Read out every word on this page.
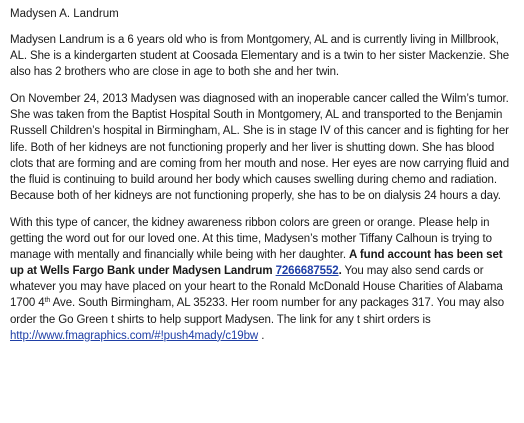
Madysen A. Landrum

Madysen Landrum is a 6 years old who is from Montgomery, AL and is currently living in Millbrook, AL. She is a kindergarten student at Coosada Elementary and is a twin to her sister Mackenzie. She also has 2 brothers who are close in age to both she and her twin.

On November 24, 2013 Madysen was diagnosed with an inoperable cancer called the Wilm’s tumor. She was taken from the Baptist Hospital South in Montgomery, AL and transported to the Benjamin Russell Children’s hospital in Birmingham, AL. She is in stage IV of this cancer and is fighting for her life. Both of her kidneys are not functioning properly and her liver is shutting down. She has blood clots that are forming and are coming from her mouth and nose. Her eyes are now carrying fluid and the fluid is continuing to build around her body which causes swelling during chemo and radiation. Because both of her kidneys are not functioning properly, she has to be on dialysis 24 hours a day.

With this type of cancer, the kidney awareness ribbon colors are green or orange. Please help in getting the word out for our loved one. At this time, Madysen’s mother Tiffany Calhoun is trying to manage with mentally and financially while being with her daughter. A fund account has been set up at Wells Fargo Bank under Madysen Landrum 7266687552. You may also send cards or whatever you may have placed on your heart to the Ronald McDonald House Charities of Alabama 1700 4th Ave. South Birmingham, AL 35233. Her room number for any packages 317. You may also order the Go Green t shirts to help support Madysen. The link for any t shirt orders is http://www.fmagraphics.com/#!push4mady/c19bw .
